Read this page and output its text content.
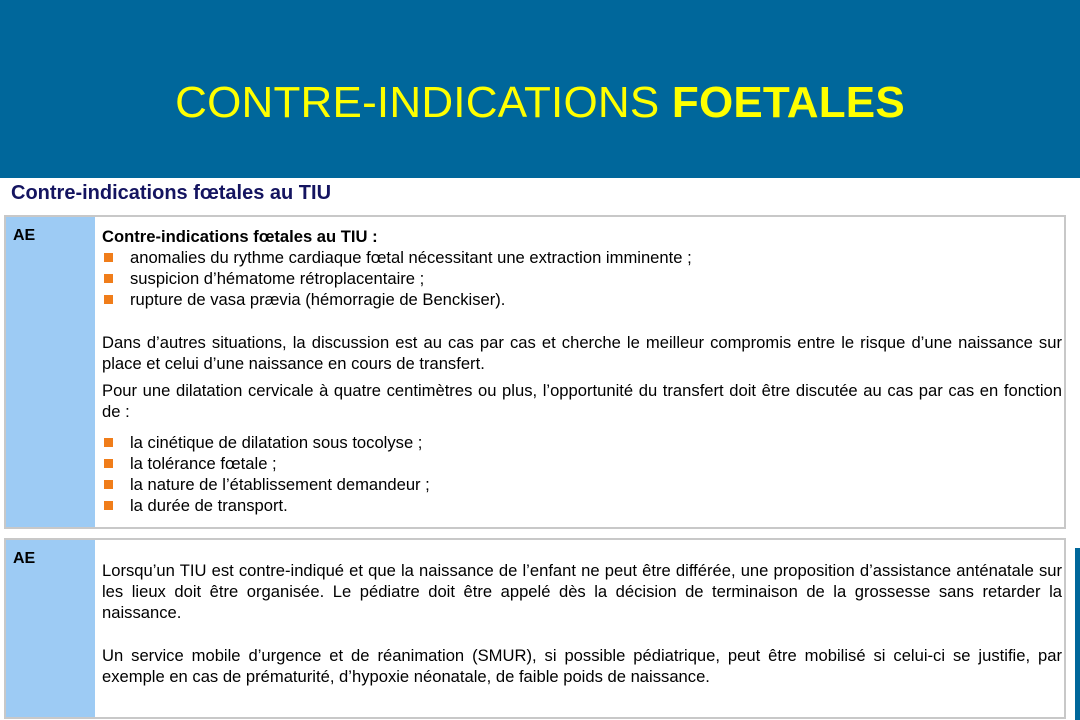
CONTRE-INDICATIONS FOETALES
Contre-indications fœtales au TIU
AE	Contre-indications fœtales au TIU :
anomalies du rythme cardiaque fœtal nécessitant une extraction imminente ;
suspicion d’hématome rétroplacentaire ;
rupture de vasa prævia (hémorragie de Benckiser).

Dans d’autres situations, la discussion est au cas par cas et cherche le meilleur compromis entre le risque d’une naissance sur place et celui d’une naissance en cours de transfert.

Pour une dilatation cervicale à quatre centimètres ou plus, l’opportunité du transfert doit être discutée au cas par cas en fonction de :

la cinétique de dilatation sous tocolyse ;
la tolérance fœtale ;
la nature de l’établissement demandeur ;
la durée de transport.
AE

Lorsqu’un TIU est contre-indiqué et que la naissance de l’enfant ne peut être différée, une proposition d’assistance anténatale sur les lieux doit être organisée. Le pédiatre doit être appelé dès la décision de terminaison de la grossesse sans retarder la naissance.

Un service mobile d’urgence et de réanimation (SMUR), si possible pédiatrique, peut être mobilisé si celui-ci se justifie, par exemple en cas de prématurité, d’hypoxie néonatale, de faible poids de naissance.
